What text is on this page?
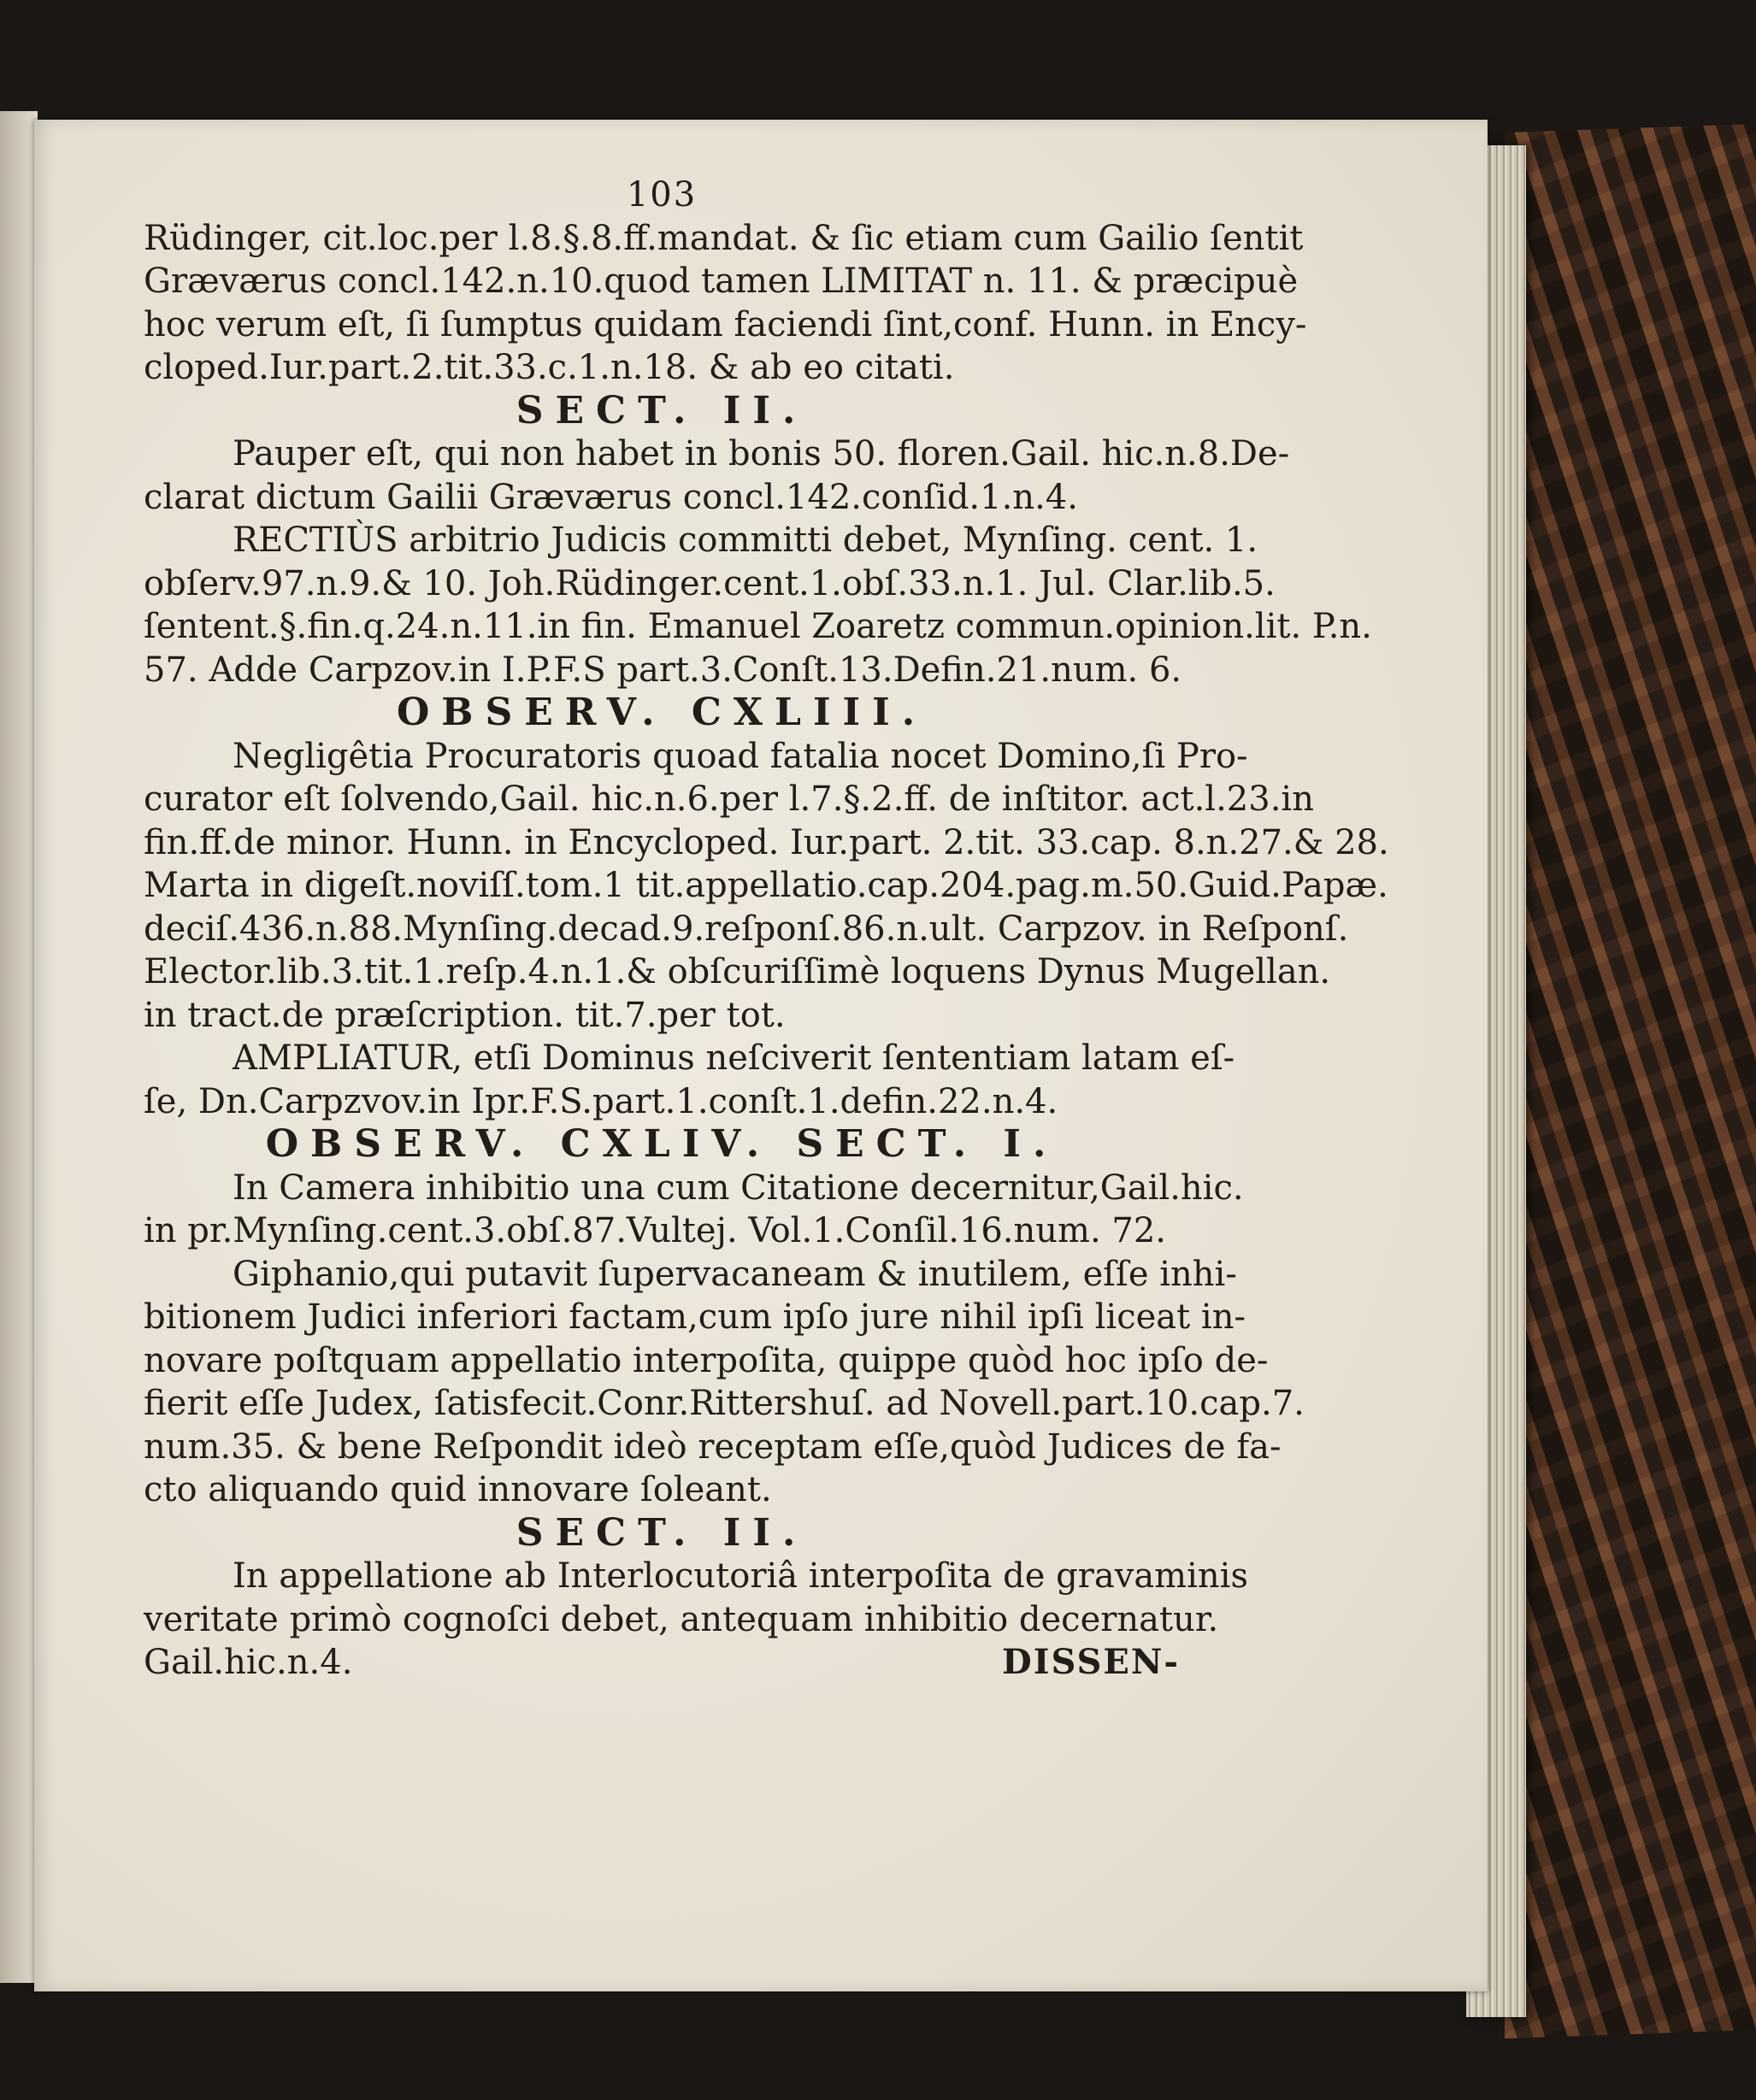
103
Rüdinger, cit.loc.per l.8.§.8.ff.mandat. & ſic etiam cum Gailio ſentit
Græværus concl.142.n.10.quod tamen LIMITAT n. 11. & præcipuè
hoc verum eſt, ſi ſumptus quidam faciendi ſint,conf. Hunn. in Ency-
cloped.Iur.part.2.tit.33.c.1.n.18. & ab eo citati.
SECT. II.
Pauper eſt, qui non habet in bonis 50. floren.Gail. hic.n.8.De-
clarat dictum Gailii Græværus concl.142.conſid.1.n.4.
RECTIÙS arbitrio Judicis committi debet, Mynſing. cent. 1.
obſerv.97.n.9.& 10. Joh.Rüdinger.cent.1.obſ.33.n.1. Jul. Clar.lib.5.
ſentent.§.fin.q.24.n.11.in fin. Emanuel Zoaretz commun.opinion.lit. P.n.
57. Adde Carpzov.in I.P.F.S part.3.Conſt.13.Defin.21.num. 6.
OBSERV. CXLIII.
Negligêtia Procuratoris quoad fatalia nocet Domino,ſi Pro-
curator eſt ſolvendo,Gail. hic.n.6.per l.7.§.2.ff. de inſtitor. act.l.23.in
fin.ff.de minor. Hunn. in Encycloped. Iur.part. 2.tit. 33.cap. 8.n.27.& 28.
Marta in digeſt.noviſſ.tom.1 tit.appellatio.cap.204.pag.m.50.Guid.Papæ.
deciſ.436.n.88.Mynſing.decad.9.reſponſ.86.n.ult. Carpzov. in Reſponſ.
Elector.lib.3.tit.1.reſp.4.n.1.& obſcuriſſimè loquens Dynus Mugellan.
in tract.de præſcription. tit.7.per tot.
AMPLIATUR, etſi Dominus neſciverit ſententiam latam eſ-
ſe, Dn.Carpzvov.in Ipr.F.S.part.1.conſt.1.defin.22.n.4.
OBSERV. CXLIV. SECT. I.
In Camera inhibitio una cum Citatione decernitur,Gail.hic.
in pr.Mynſing.cent.3.obſ.87.Vultej. Vol.1.Conſil.16.num. 72.
Giphanio,qui putavit ſupervacaneam & inutilem, eſſe inhi-
bitionem Judici inferiori factam,cum ipſo jure nihil ipſi liceat in-
novare poſtquam appellatio interpoſita, quippe quòd hoc ipſo de-
fierit eſſe Judex, ſatisfecit.Conr.Rittershuſ. ad Novell.part.10.cap.7.
num.35. & bene Reſpondit ideò receptam eſſe,quòd Judices de fa-
cto aliquando quid innovare ſoleant.
SECT. II.
In appellatione ab Interlocutoriâ interpoſita de gravaminis
veritate primò cognoſci debet, antequam inhibitio decernatur.
Gail.hic.n.4.	DISSEN-
